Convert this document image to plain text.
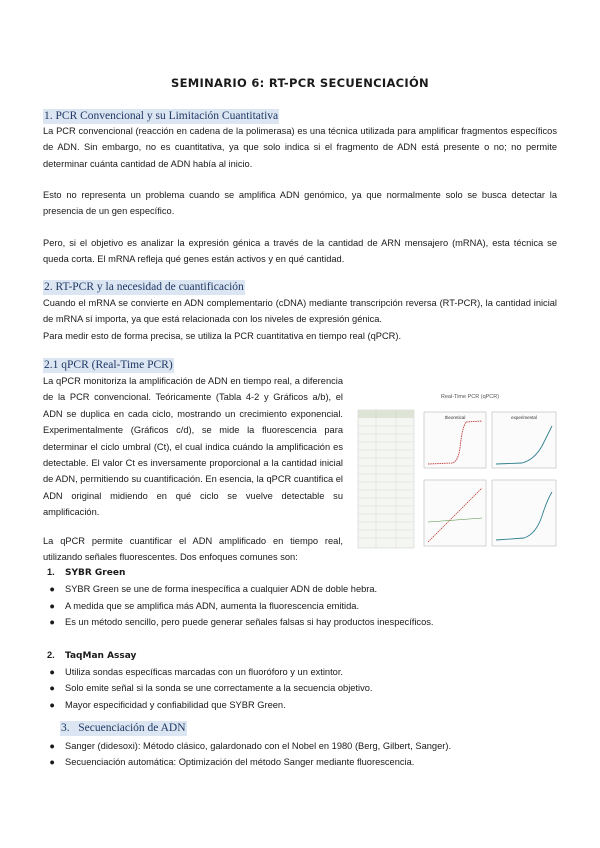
SEMINARIO 6: RT-PCR SECUENCIACIÓN
1. PCR Convencional y su Limitación Cuantitativa
La PCR convencional (reacción en cadena de la polimerasa) es una técnica utilizada para amplificar fragmentos específicos de ADN. Sin embargo, no es cuantitativa, ya que solo indica si el fragmento de ADN está presente o no; no permite determinar cuánta cantidad de ADN había al inicio.
Esto no representa un problema cuando se amplifica ADN genómico, ya que normalmente solo se busca detectar la presencia de un gen específico.
Pero, si el objetivo es analizar la expresión génica a través de la cantidad de ARN mensajero (mRNA), esta técnica se queda corta. El mRNA refleja qué genes están activos y en qué cantidad.
2. RT-PCR y la necesidad de cuantificación
Cuando el mRNA se convierte en ADN complementario (cDNA) mediante transcripción reversa (RT-PCR), la cantidad inicial de mRNA sí importa, ya que está relacionada con los niveles de expresión génica.
Para medir esto de forma precisa, se utiliza la PCR cuantitativa en tiempo real (qPCR).
2.1 qPCR (Real-Time PCR)
La qPCR monitoriza la amplificación de ADN en tiempo real, a diferencia de la PCR convencional. Teóricamente (Tabla 4-2 y Gráficos a/b), el ADN se duplica en cada ciclo, mostrando un crecimiento exponencial. Experimentalmente (Gráficos c/d), se mide la fluorescencia para determinar el ciclo umbral (Ct), el cual indica cuándo la amplificación es detectable. El valor Ct es inversamente proporcional a la cantidad inicial de ADN, permitiendo su cuantificación. En esencia, la qPCR cuantifica el ADN original midiendo en qué ciclo se vuelve detectable su amplificación.
La qPCR permite cuantificar el ADN amplificado en tiempo real, utilizando señales fluorescentes. Dos enfoques comunes son:
Real-Time PCR (qPCR)
theoretical	experimental
1.	SYBR Green
●	SYBR Green se une de forma inespecífica a cualquier ADN de doble hebra.
●	A medida que se amplifica más ADN, aumenta la fluorescencia emitida.
●	Es un método sencillo, pero puede generar señales falsas si hay productos inespecíficos.
2.	TaqMan Assay
●	Utiliza sondas específicas marcadas con un fluoróforo y un extintor.
●	Solo emite señal si la sonda se une correctamente a la secuencia objetivo.
●	Mayor especificidad y confiabilidad que SYBR Green.
3. Secuenciación de ADN
●	Sanger (didesoxi): Método clásico, galardonado con el Nobel en 1980 (Berg, Gilbert, Sanger).
●	Secuenciación automática: Optimización del método Sanger mediante fluorescencia.
